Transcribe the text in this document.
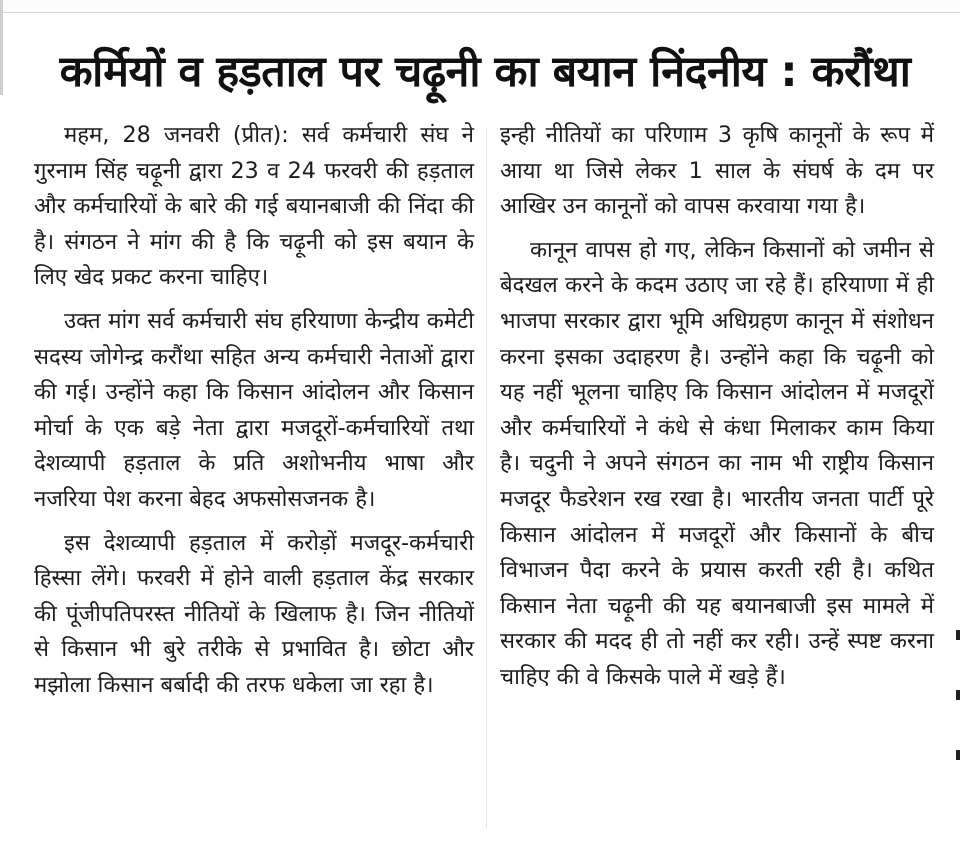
कर्मियों व हड़ताल पर चढ़ूनी का बयान निंदनीय : करौंथा

महम, 28 जनवरी (प्रीत): सर्व कर्मचारी संघ ने गुरनाम सिंह चढ़ूनी द्वारा 23 व 24 फरवरी की हड़ताल और कर्मचारियों के बारे की गई बयानबाजी की निंदा की है। संगठन ने मांग की है कि चढ़ूनी को इस बयान के लिए खेद प्रकट करना चाहिए।

उक्त मांग सर्व कर्मचारी संघ हरियाणा केन्द्रीय कमेटी सदस्य जोगेन्द्र करौंथा सहित अन्य कर्मचारी नेताओं द्वारा की गई। उन्होंने कहा कि किसान आंदोलन और किसान मोर्चा के एक बड़े नेता द्वारा मजदूरों-कर्मचारियों तथा देशव्यापी हड़ताल के प्रति अशोभनीय भाषा और नजरिया पेश करना बेहद अफसोसजनक है।

इस देशव्यापी हड़ताल में करोड़ों मजदूर-कर्मचारी हिस्सा लेंगे। फरवरी में होने वाली हड़ताल केंद्र सरकार की पूंजीपतिपरस्त नीतियों के खिलाफ है। जिन नीतियों से किसान भी बुरे तरीके से प्रभावित है। छोटा और मझोला किसान बर्बादी की तरफ धकेला जा रहा है।

इन्ही नीतियों का परिणाम 3 कृषि कानूनों के रूप में आया था जिसे लेकर 1 साल के संघर्ष के दम पर आखिर उन कानूनों को वापस करवाया गया है।

कानून वापस हो गए, लेकिन किसानों को जमीन से बेदखल करने के कदम उठाए जा रहे हैं। हरियाणा में ही भाजपा सरकार द्वारा भूमि अधिग्रहण कानून में संशोधन करना इसका उदाहरण है। उन्होंने कहा कि चढ़ूनी को यह नहीं भूलना चाहिए कि किसान आंदोलन में मजदूरों और कर्मचारियों ने कंधे से कंधा मिलाकर काम किया है। चदुनी ने अपने संगठन का नाम भी राष्ट्रीय किसान मजदूर फैडरेशन रख रखा है। भारतीय जनता पार्टी पूरे किसान आंदोलन में मजदूरों और किसानों के बीच विभाजन पैदा करने के प्रयास करती रही है। कथित किसान नेता चढ़ूनी की यह बयानबाजी इस मामले में सरकार की मदद ही तो नहीं कर रही। उन्हें स्पष्ट करना चाहिए की वे किसके पाले में खड़े हैं।
